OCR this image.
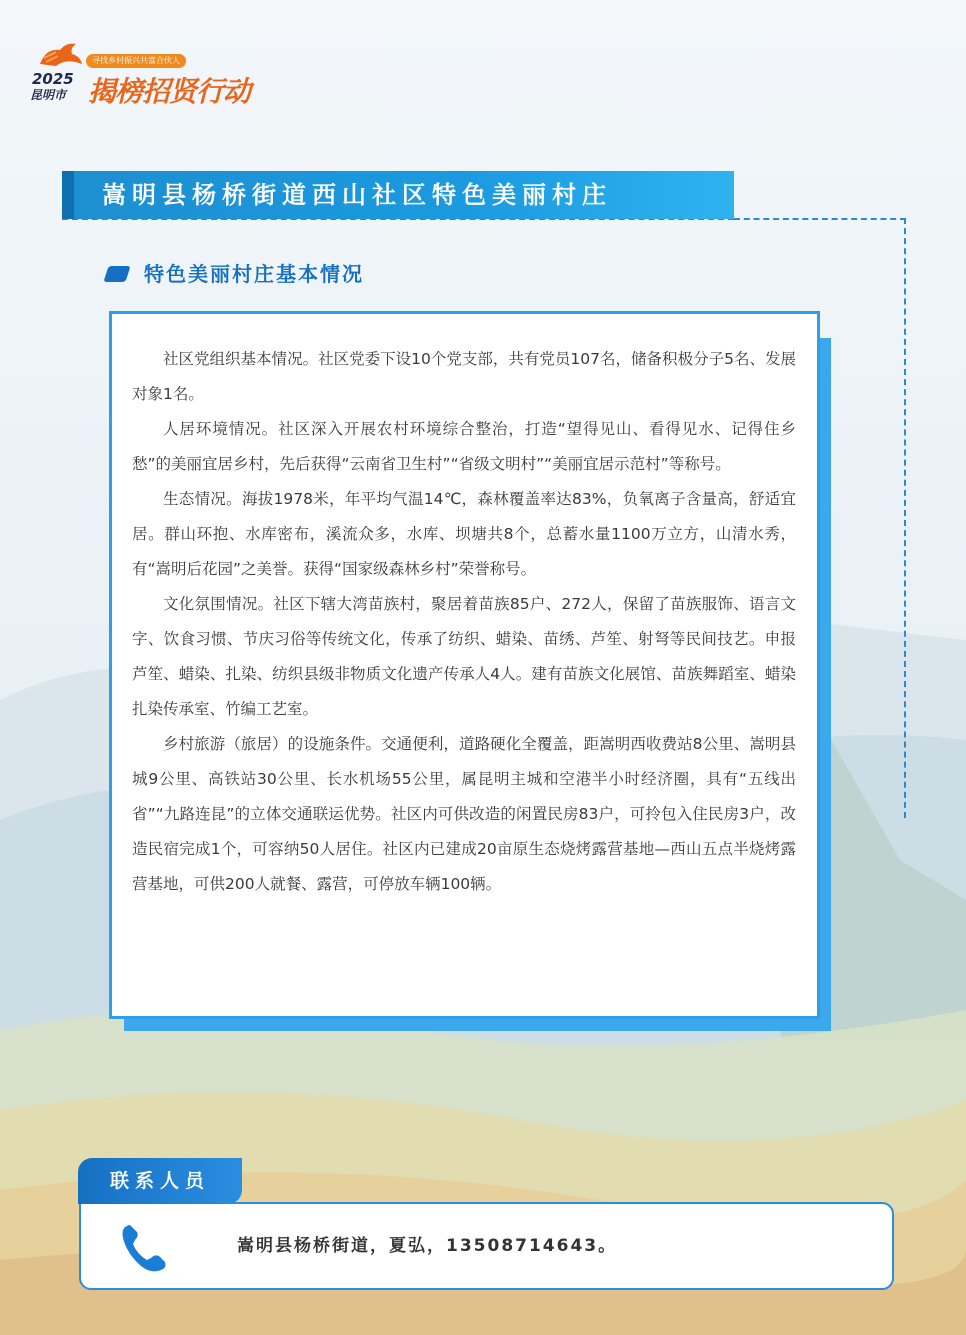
2025
昆明市
寻找乡村振兴共富合伙人
揭榜招贤行动
嵩明县杨桥街道西山社区特色美丽村庄
特色美丽村庄基本情况

社区党组织基本情况。社区党委下设10个党支部，共有党员107名，储备积极分子5名、发展对象1名。

人居环境情况。社区深入开展农村环境综合整治，打造“望得见山、看得见水、记得住乡愁”的美丽宜居乡村，先后获得“云南省卫生村”“省级文明村”“美丽宜居示范村”等称号。

生态情况。海拔1978米，年平均气温14℃，森林覆盖率达83%，负氧离子含量高，舒适宜居。群山环抱、水库密布，溪流众多，水库、坝塘共8个，总蓄水量1100万立方，山清水秀，有“嵩明后花园”之美誉。获得“国家级森林乡村”荣誉称号。

文化氛围情况。社区下辖大湾苗族村，聚居着苗族85户、272人，保留了苗族服饰、语言文字、饮食习惯、节庆习俗等传统文化，传承了纺织、蜡染、苗绣、芦笙、射弩等民间技艺。申报芦笙、蜡染、扎染、纺织县级非物质文化遗产传承人4人。建有苗族文化展馆、苗族舞蹈室、蜡染扎染传承室、竹编工艺室。

乡村旅游（旅居）的设施条件。交通便利，道路硬化全覆盖，距嵩明西收费站8公里、嵩明县城9公里、高铁站30公里、长水机场55公里，属昆明主城和空港半小时经济圈，具有“五线出省”“九路连昆”的立体交通联运优势。社区内可供改造的闲置民房83户，可拎包入住民房3户，改造民宿完成1个，可容纳50人居住。社区内已建成20亩原生态烧烤露营基地—西山五点半烧烤露营基地，可供200人就餐、露营，可停放车辆100辆。

联系人员
嵩明县杨桥街道，夏弘，13508714643。
